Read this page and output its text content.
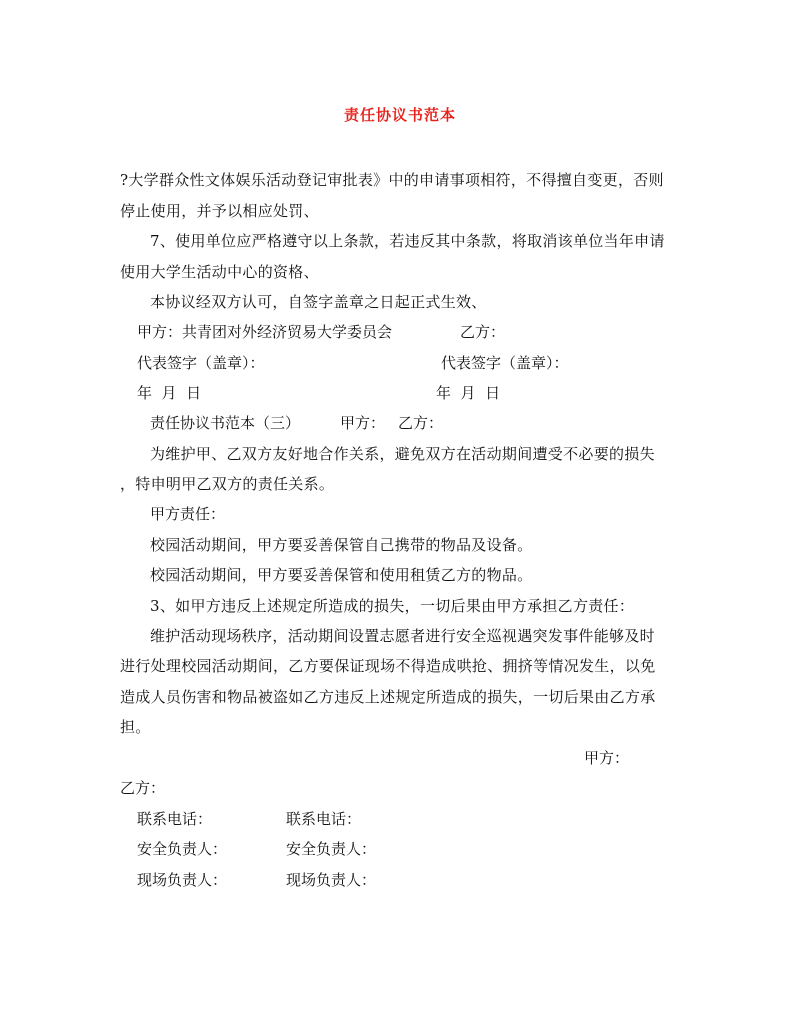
责任协议书范本
?大学群众性文体娱乐活动登记审批表》中的申请事项相符，不得擅自变更，否则
停止使用，并予以相应处罚、
7、使用单位应严格遵守以上条款，若违反其中条款，将取消该单位当年申请
使用大学生活动中心的资格、
本协议经双方认可，自签字盖章之日起正式生效、
甲方：共青团对外经济贸易大学委员会	乙方：
代表签字（盖章）：	代表签字（盖章）：
年  月  日	年  月  日
责任协议书范本（三）	甲方： 乙方：
为维护甲、乙双方友好地合作关系，避免双方在活动期间遭受不必要的损失
，特申明甲乙双方的责任关系。
甲方责任：
校园活动期间，甲方要妥善保管自己携带的物品及设备。
校园活动期间，甲方要妥善保管和使用租赁乙方的物品。
3、如甲方违反上述规定所造成的损失，一切后果由甲方承担乙方责任：
维护活动现场秩序，活动期间设置志愿者进行安全巡视遇突发事件能够及时
进行处理校园活动期间，乙方要保证现场不得造成哄抢、拥挤等情况发生，以免
造成人员伤害和物品被盗如乙方违反上述规定所造成的损失，一切后果由乙方承
担。
甲方：
乙方：
联系电话：	联系电话：
安全负责人：	安全负责人：
现场负责人：	现场负责人：
